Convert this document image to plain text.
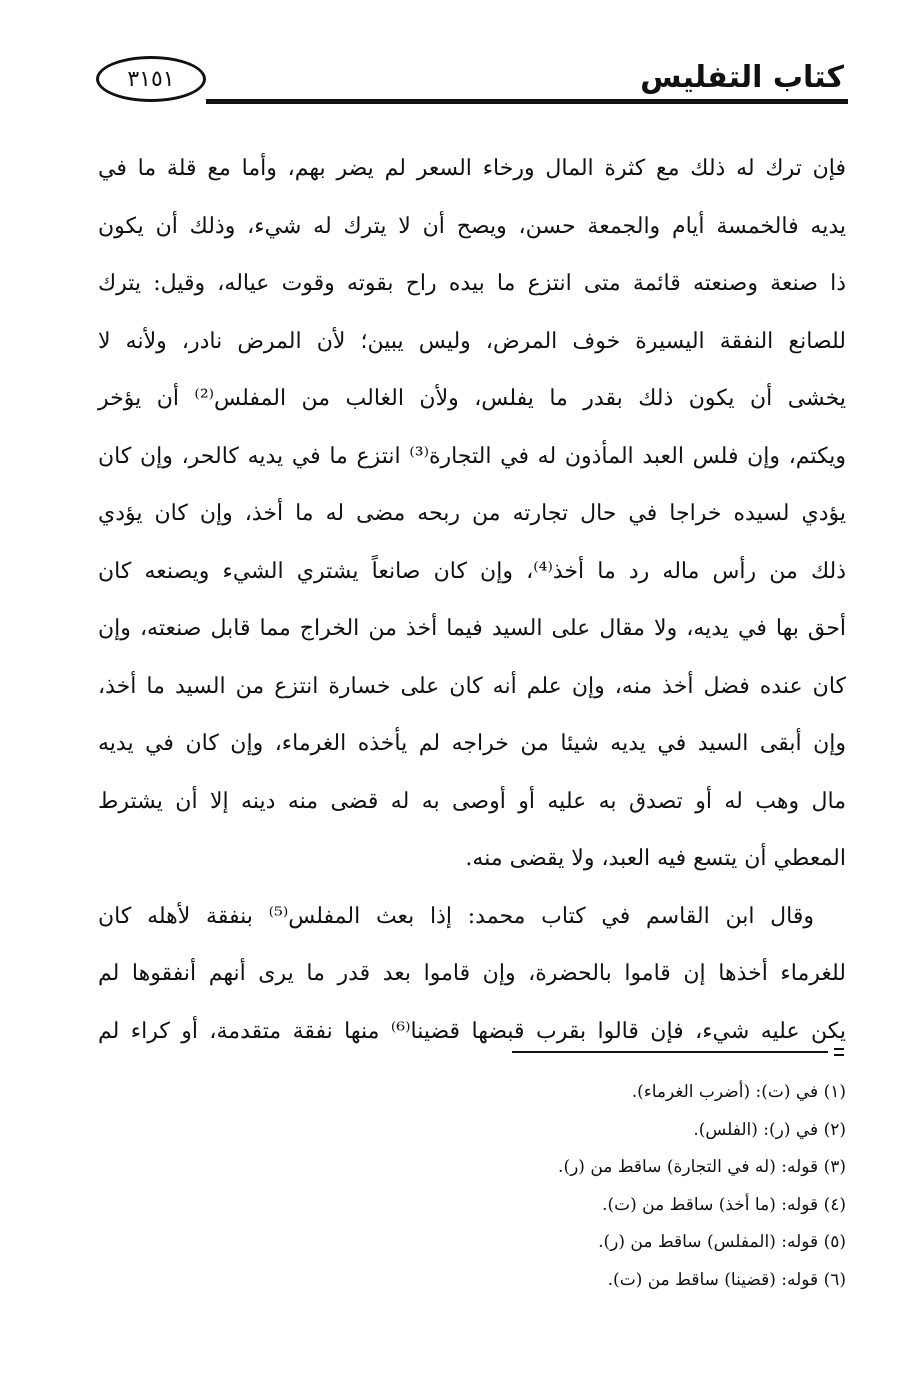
٣١٥١	كتاب التفليس
فإن ترك له ذلك مع كثرة المال ورخاء السعر لم يضر بهم، وأما مع قلة ما في
يديه فالخمسة أيام والجمعة حسن، ويصح أن لا يترك له شيء، وذلك أن يكون
ذا صنعة وصنعته قائمة متى انتزع ما بيده راح بقوته وقوت عياله، وقيل: يترك
للصانع النفقة اليسيرة خوف المرض، وليس يبين؛ لأن المرض نادر، ولأنه لا
يخشى أن يكون ذلك بقدر ما يفلس، ولأن الغالب من المفلس⁽²⁾ أن يؤخر
ويكتم، وإن فلس العبد المأذون له في التجارة⁽³⁾ انتزع ما في يديه كالحر، وإن كان
يؤدي لسيده خراجا في حال تجارته من ربحه مضى له ما أخذ، وإن كان يؤدي
ذلك من رأس ماله رد ما أخذ⁽⁴⁾، وإن كان صانعاً يشتري الشيء ويصنعه كان
أحق بها في يديه، ولا مقال على السيد فيما أخذ من الخراج مما قابل صنعته، وإن
كان عنده فضل أخذ منه، وإن علم أنه كان على خسارة انتزع من السيد ما أخذ،
وإن أبقى السيد في يديه شيئا من خراجه لم يأخذه الغرماء، وإن كان في يديه
مال وهب له أو تصدق به عليه أو أوصى به له قضى منه دينه إلا أن يشترط
المعطي أن يتسع فيه العبد، ولا يقضى منه.
وقال ابن القاسم في كتاب محمد: إذا بعث المفلس⁽⁵⁾ بنفقة لأهله كان
للغرماء أخذها إن قاموا بالحضرة، وإن قاموا بعد قدر ما يرى أنهم أنفقوها لم
يكن عليه شيء، فإن قالوا بقرب قبضها قضينا⁽⁶⁾ منها نفقة متقدمة، أو كراء لم
(١) في (ت): (أضرب الغرماء).
(٢) في (ر): (الفلس).
(٣) قوله: (له في التجارة) ساقط من (ر).
(٤) قوله: (ما أخذ) ساقط من (ت).
(٥) قوله: (المفلس) ساقط من (ر).
(٦) قوله: (قضينا) ساقط من (ت).
